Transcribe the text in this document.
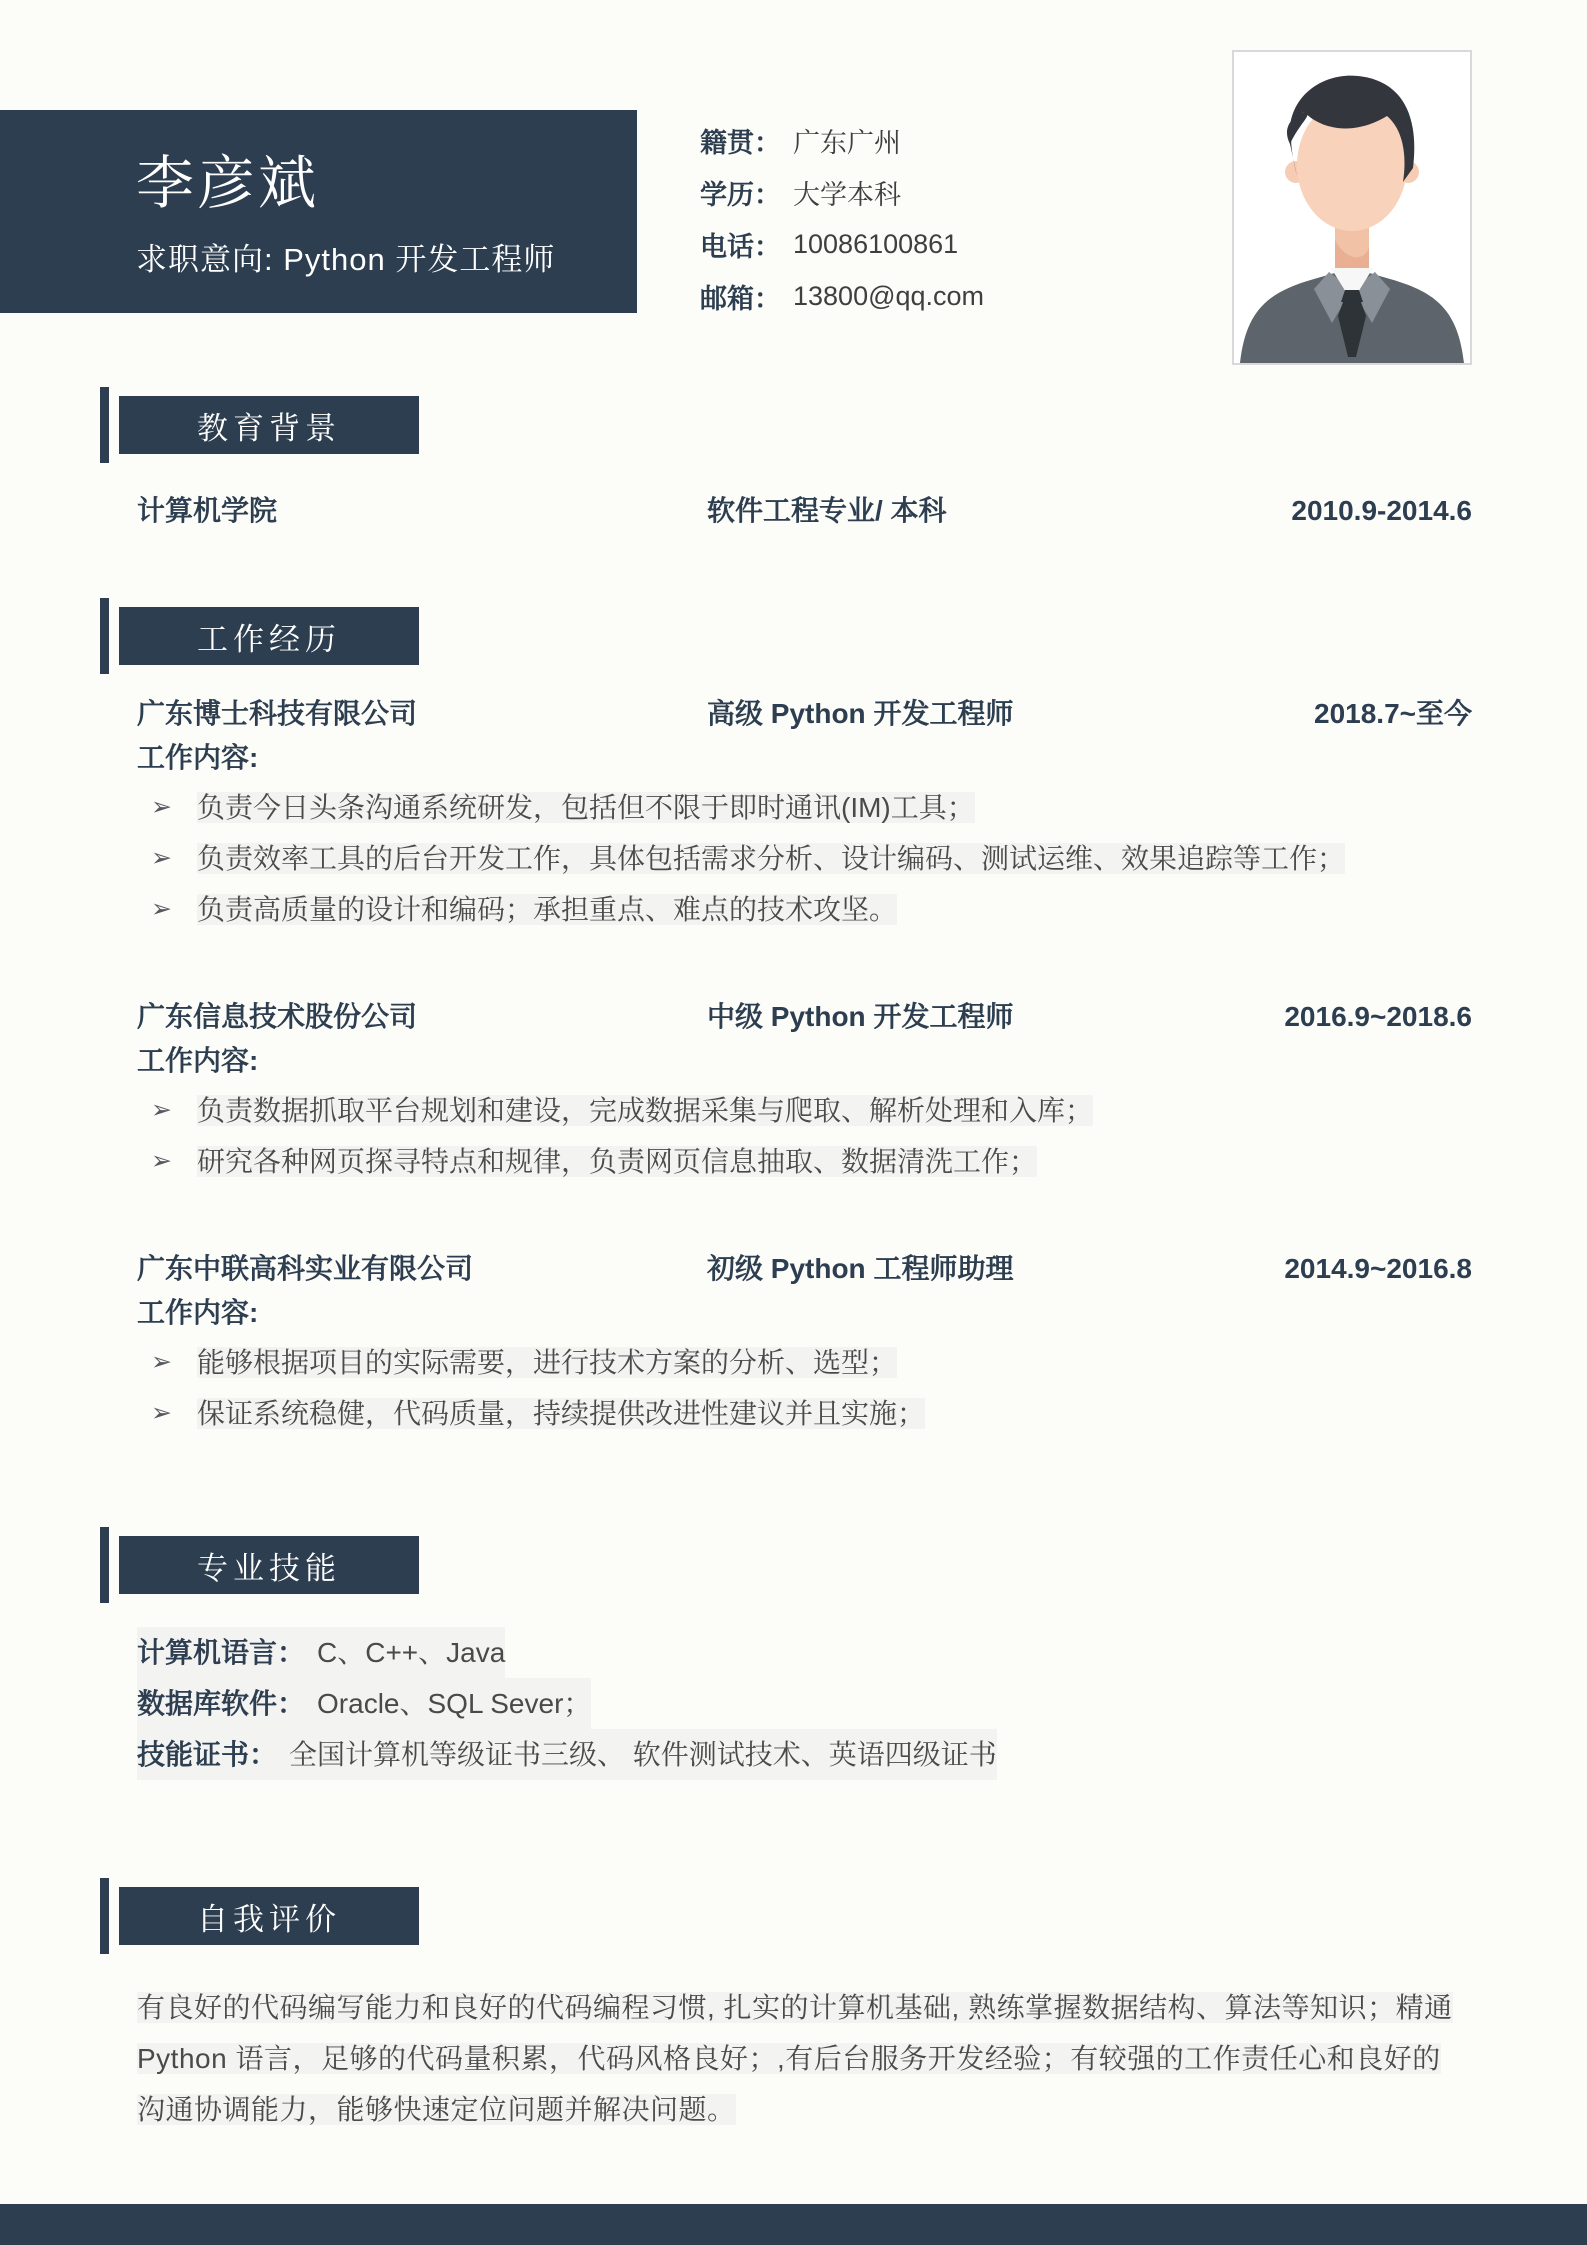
李彦斌
求职意向: Python 开发工程师
籍贯： 广东广州
学历： 大学本科
电话： 10086100861
邮箱： 13800@qq.com
教育背景
计算机学院	软件工程专业/ 本科	2010.9-2014.6
工作经历
广东博士科技有限公司	高级 Python 开发工程师	2018.7~至今
工作内容:
➢ 负责今日头条沟通系统研发，包括但不限于即时通讯(IM)工具；
➢ 负责效率工具的后台开发工作，具体包括需求分析、设计编码、测试运维、效果追踪等工作；
➢ 负责高质量的设计和编码；承担重点、难点的技术攻坚。
广东信息技术股份公司	中级 Python 开发工程师	2016.9~2018.6
工作内容:
➢ 负责数据抓取平台规划和建设，完成数据采集与爬取、解析处理和入库；
➢ 研究各种网页探寻特点和规律，负责网页信息抽取、数据清洗工作；
广东中联高科实业有限公司	初级 Python 工程师助理	2014.9~2016.8
工作内容:
➢ 能够根据项目的实际需要，进行技术方案的分析、选型；
➢ 保证系统稳健，代码质量，持续提供改进性建议并且实施；
专业技能
计算机语言： C、C++、Java
数据库软件： Oracle、SQL Sever；
技能证书： 全国计算机等级证书三级、 软件测试技术、英语四级证书
自我评价
有良好的代码编写能力和良好的代码编程习惯, 扎实的计算机基础, 熟练掌握数据结构、算法等知识；精通 Python 语言，足够的代码量积累，代码风格良好；,有后台服务开发经验；有较强的工作责任心和良好的沟通协调能力，能够快速定位问题并解决问题。
